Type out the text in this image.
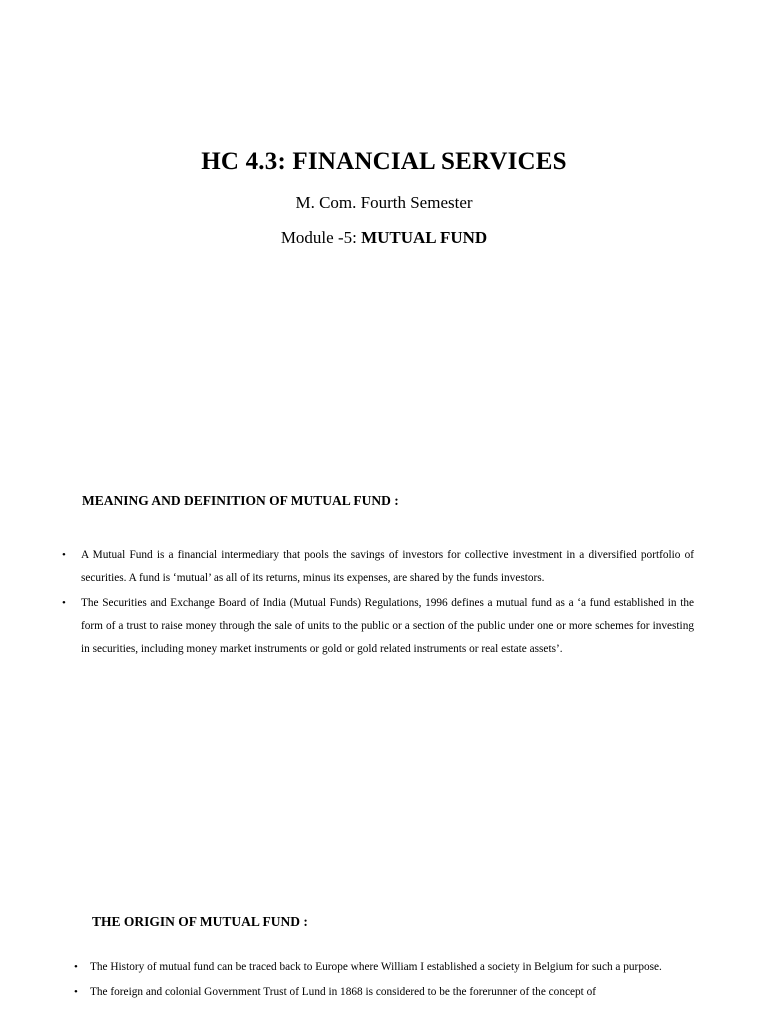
HC 4.3: FINANCIAL SERVICES
M. Com. Fourth Semester
Module -5: MUTUAL FUND
MEANING AND DEFINITION OF MUTUAL FUND :
• A Mutual Fund is a financial intermediary that pools the savings of investors for collective investment in a diversified portfolio of securities. A fund is ‘mutual’ as all of its returns, minus its expenses, are shared by the funds investors.
• The Securities and Exchange Board of India (Mutual Funds) Regulations, 1996 defines a mutual fund as a ‘a fund established in the form of a trust to raise money through the sale of units to the public or a section of the public under one or more schemes for investing in securities, including money market instruments or gold or gold related instruments or real estate assets’.
THE ORIGIN OF MUTUAL FUND :
• The History of mutual fund can be traced back to Europe where William I established a society in Belgium for such a purpose.
• The foreign and colonial Government Trust of Lund in 1868 is considered to be the forerunner of the concept of
